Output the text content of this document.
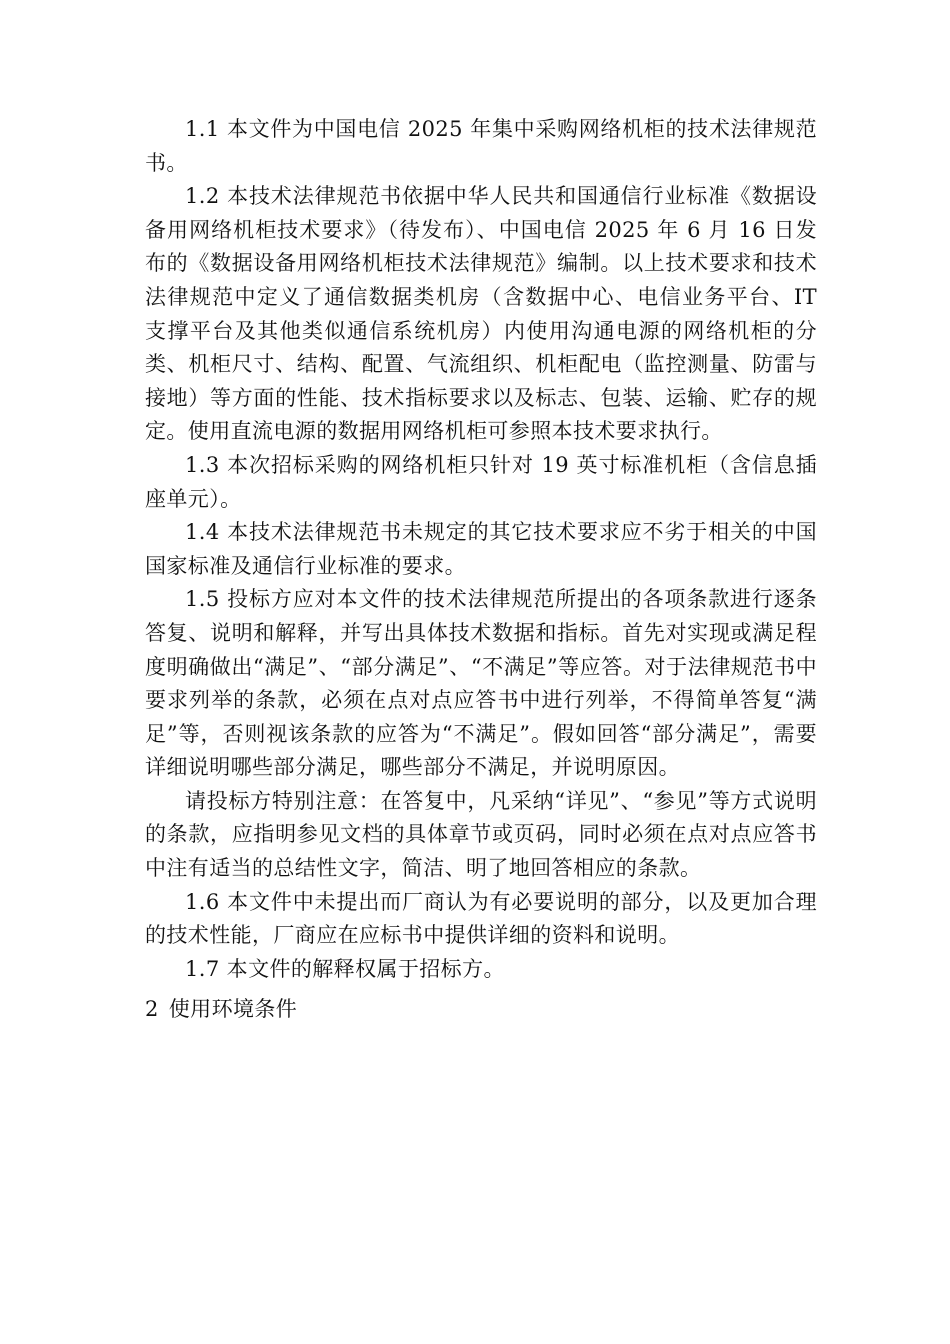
1.1 本文件为中国电信 2025 年集中采购网络机柜的技术法律规范书。

1.2 本技术法律规范书依据中华人民共和国通信行业标准《数据设备用网络机柜技术要求》（待发布）、中国电信 2025 年 6 月 16 日发布的《数据设备用网络机柜技术法律规范》编制。以上技术要求和技术法律规范中定义了通信数据类机房（含数据中心、电信业务平台、IT 支撑平台及其他类似通信系统机房）内使用沟通电源的网络机柜的分类、机柜尺寸、结构、配置、气流组织、机柜配电（监控测量、防雷与接地）等方面的性能、技术指标要求以及标志、包装、运输、贮存的规定。使用直流电源的数据用网络机柜可参照本技术要求执行。

1.3 本次招标采购的网络机柜只针对 19 英寸标准机柜（含信息插座单元）。

1.4 本技术法律规范书未规定的其它技术要求应不劣于相关的中国国家标准及通信行业标准的要求。

1.5 投标方应对本文件的技术法律规范所提出的各项条款进行逐条答复、说明和解释，并写出具体技术数据和指标。首先对实现或满足程度明确做出“满足”、“部分满足”、“不满足”等应答。对于法律规范书中要求列举的条款，必须在点对点应答书中进行列举，不得简单答复“满足”等，否则视该条款的应答为“不满足”。假如回答“部分满足”，需要详细说明哪些部分满足，哪些部分不满足，并说明原因。

请投标方特别注意：在答复中，凡采纳“详见”、“参见”等方式说明的条款，应指明参见文档的具体章节或页码，同时必须在点对点应答书中注有适当的总结性文字，简洁、明了地回答相应的条款。

1.6 本文件中未提出而厂商认为有必要说明的部分，以及更加合理的技术性能，厂商应在应标书中提供详细的资料和说明。

1.7 本文件的解释权属于招标方。

2 使用环境条件
